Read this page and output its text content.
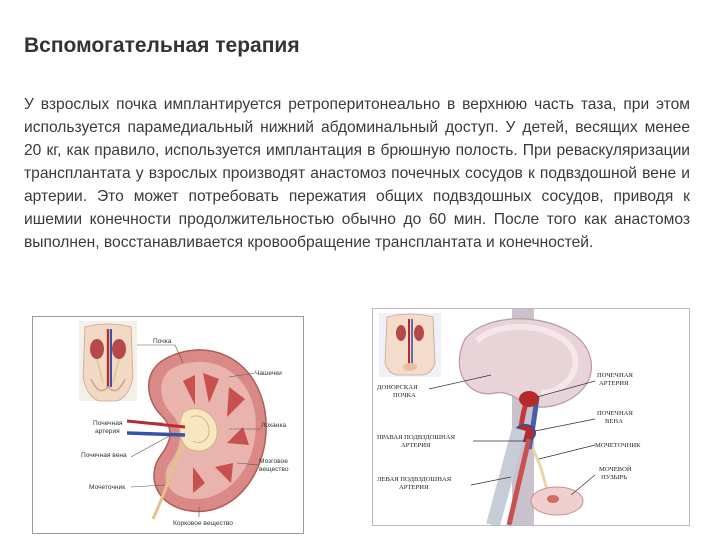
Вспомогательная терапия

У взрослых почка имплантируется ретроперитонеально в верхнюю часть таза, при этом используется парамедиальный нижний абдоминальный доступ. У детей, весящих менее 20 кг, как правило, используется имплантация в брюшную полость. При реваскуляризации трансплантата у взрослых производят анастомоз почечных сосудов к подвздошной вене и артерии. Это может потребовать пережатия общих подвздошных сосудов, приводя к ишемии конечности продолжительностью обычно до 60 мин. После того как анастомоз выполнен, восстанавливается кровообращение трансплантата и конечностей.

Почка
Чашечки
Почечная
артерия
Лоханка
Почечная вена
Мозговое
вещество
Мочеточник
Корковое вещество
ДОНОРСКАЯ
ПОЧКА
ПОЧЕЧНАЯ
АРТЕРИЯ
ПОЧЕЧНАЯ
ВЕНА
ПРАВАЯ ПОДВЗДОШНАЯ
АРТЕРИЯ	МОЧЕТОЧНИК
ЛЕВАЯ ПОДВЗДОШНАЯ
АРТЕРИЯ
МОЧЕВОЙ
ПУЗЫРЬ
